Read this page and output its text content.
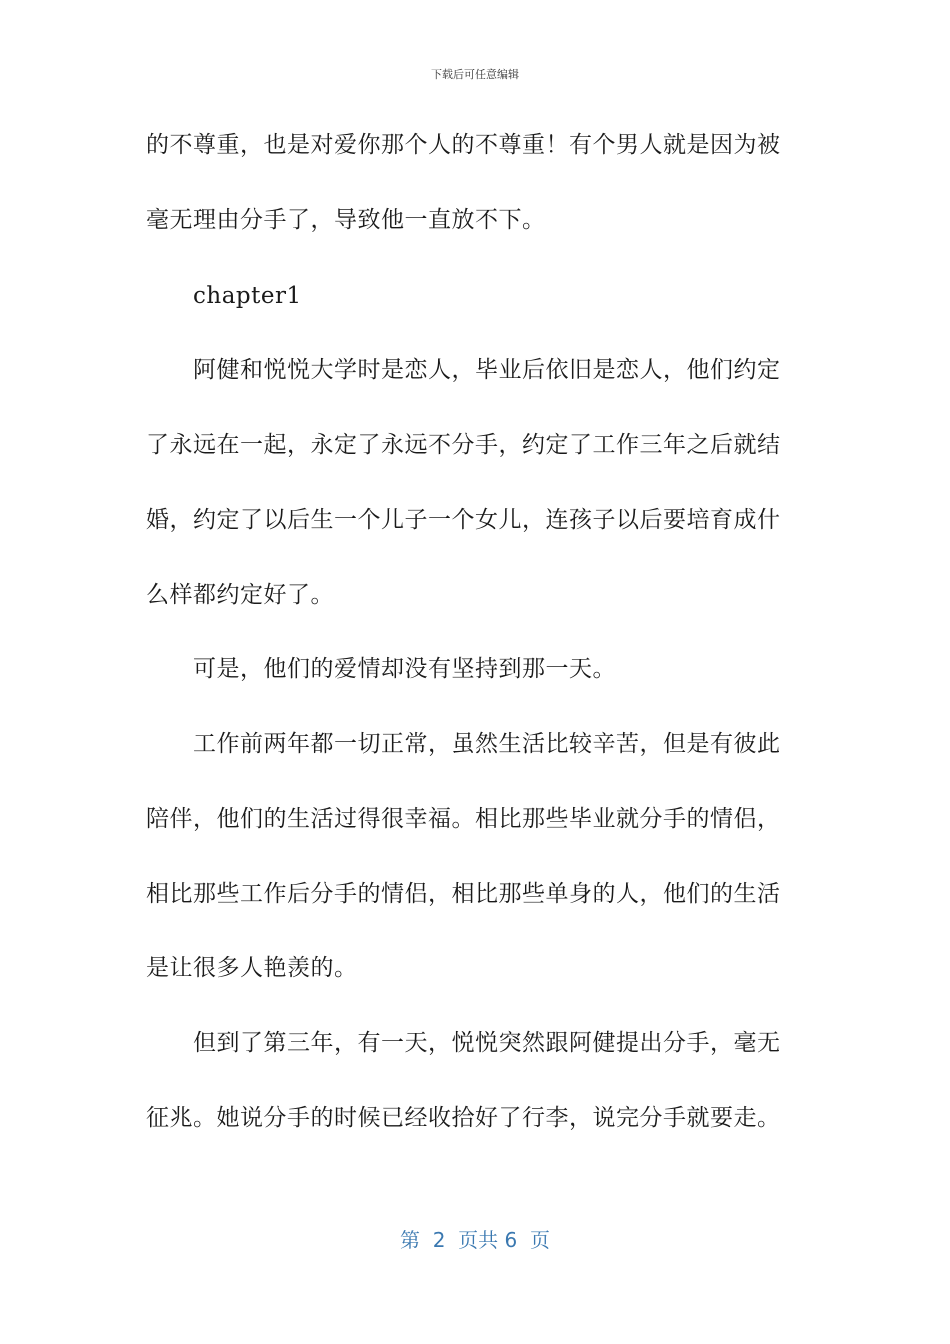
下载后可任意编辑
的不尊重，也是对爱你那个人的不尊重！有个男人就是因为被
毫无理由分手了，导致他一直放不下。
chapter1
阿健和悦悦大学时是恋人，毕业后依旧是恋人，他们约定
了永远在一起，永定了永远不分手，约定了工作三年之后就结
婚，约定了以后生一个儿子一个女儿，连孩子以后要培育成什
么样都约定好了。
可是，他们的爱情却没有坚持到那一天。
工作前两年都一切正常，虽然生活比较辛苦，但是有彼此
陪伴，他们的生活过得很幸福。相比那些毕业就分手的情侣，
相比那些工作后分手的情侣，相比那些单身的人，他们的生活
是让很多人艳羡的。
但到了第三年，有一天，悦悦突然跟阿健提出分手，毫无
征兆。她说分手的时候已经收拾好了行李，说完分手就要走。
第  2  页共 6  页
